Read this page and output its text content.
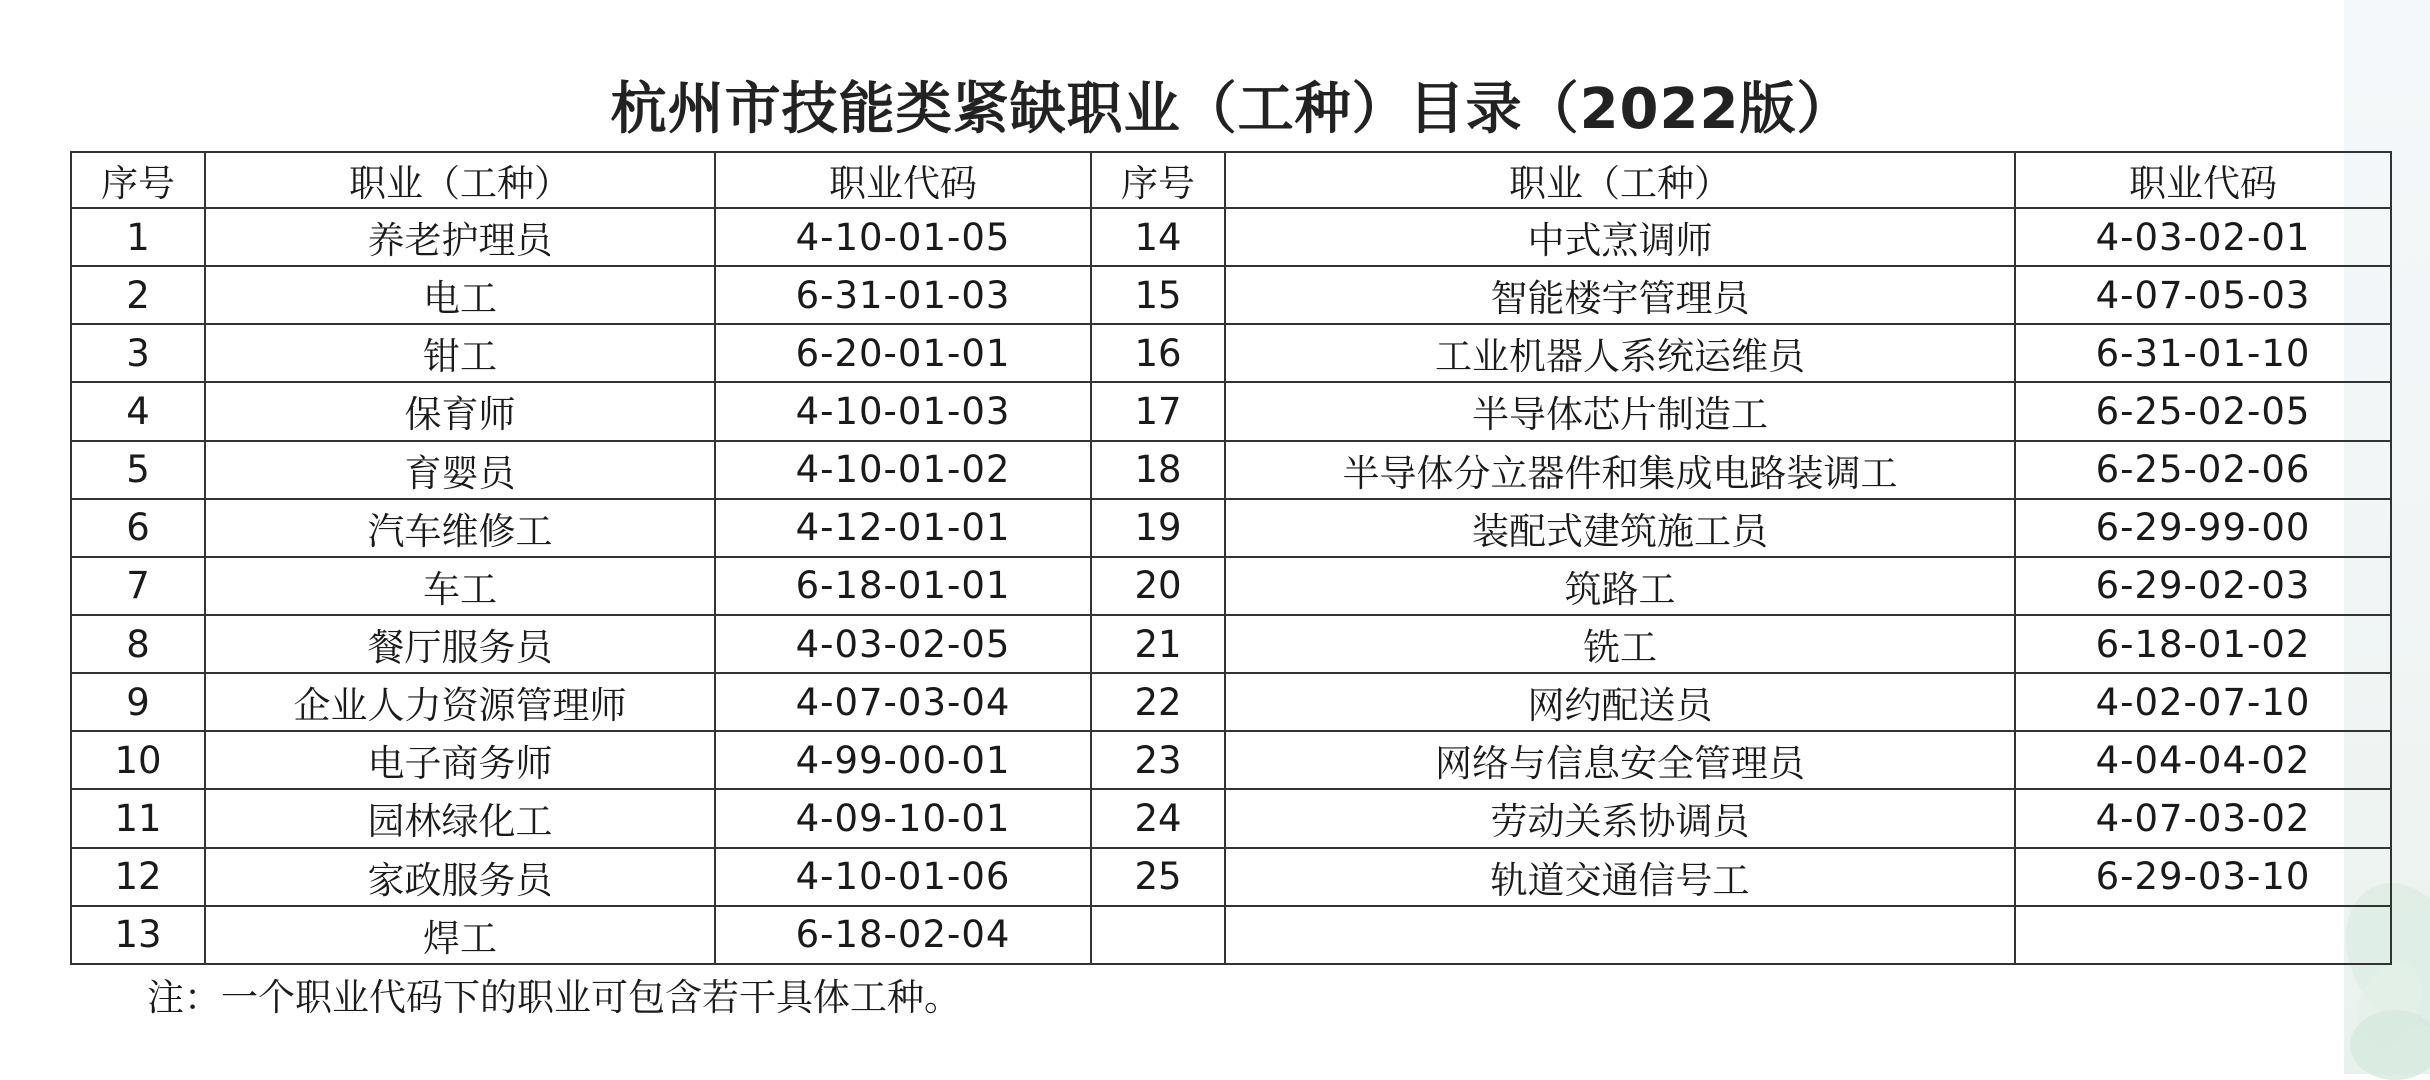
杭州市技能类紧缺职业（工种）目录（2022版）
序号	职业（工种）	职业代码	序号	职业（工种）	职业代码
1	养老护理员	4-10-01-05	14	中式烹调师	4-03-02-01
2	电工	6-31-01-03	15	智能楼宇管理员	4-07-05-03
3	钳工	6-20-01-01	16	工业机器人系统运维员	6-31-01-10
4	保育师	4-10-01-03	17	半导体芯片制造工	6-25-02-05
5	育婴员	4-10-01-02	18	半导体分立器件和集成电路装调工	6-25-02-06
6	汽车维修工	4-12-01-01	19	装配式建筑施工员	6-29-99-00
7	车工	6-18-01-01	20	筑路工	6-29-02-03
8	餐厅服务员	4-03-02-05	21	铣工	6-18-01-02
9	企业人力资源管理师	4-07-03-04	22	网约配送员	4-02-07-10
10	电子商务师	4-99-00-01	23	网络与信息安全管理员	4-04-04-02
11	园林绿化工	4-09-10-01	24	劳动关系协调员	4-07-03-02
12	家政服务员	4-10-01-06	25	轨道交通信号工	6-29-03-10
13	焊工	6-18-02-04			
注：一个职业代码下的职业可包含若干具体工种。
